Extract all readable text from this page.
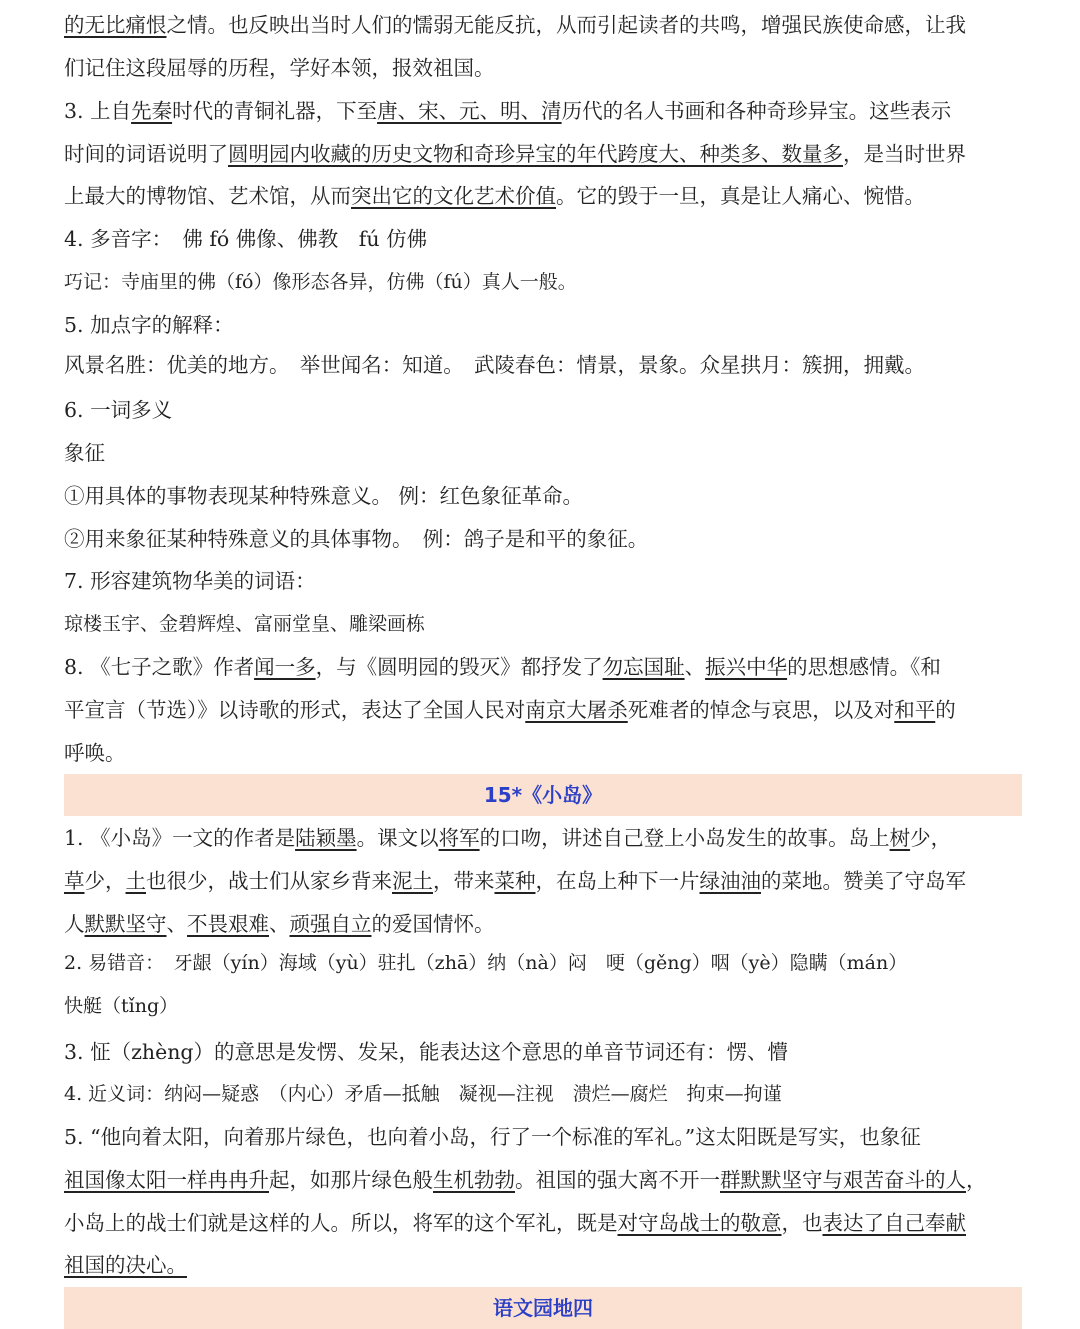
的无比痛恨之情。也反映出当时人们的懦弱无能反抗，从而引起读者的共鸣，增强民族使命感，让我
们记住这段屈辱的历程，学好本领，报效祖国。
3. 上自先秦时代的青铜礼器，下至唐、宋、元、明、清历代的名人书画和各种奇珍异宝。这些表示
时间的词语说明了圆明园内收藏的历史文物和奇珍异宝的年代跨度大、种类多、数量多，是当时世界
上最大的博物馆、艺术馆，从而突出它的文化艺术价值。它的毁于一旦，真是让人痛心、惋惜。
4. 多音字：　佛 fó 佛像、佛教　fú 仿佛
巧记：寺庙里的佛（fó）像形态各异，仿佛（fú）真人一般。
5. 加点字的解释：
风景名胜：优美的地方。　举世闻名：知道。　武陵春色：情景，景象。众星拱月：簇拥，拥戴。
6. 一词多义
象征
①用具体的事物表现某种特殊意义。 例：红色象征革命。
②用来象征某种特殊意义的具体事物。　例：鸽子是和平的象征。
7. 形容建筑物华美的词语：
琼楼玉宇、金碧辉煌、富丽堂皇、雕梁画栋
8. 《七子之歌》作者闻一多，与《圆明园的毁灭》都抒发了勿忘国耻、振兴中华的思想感情。《和
平宣言（节选）》以诗歌的形式，表达了全国人民对南京大屠杀死难者的悼念与哀思，以及对和平的
呼唤。
15*《小岛》
1. 《小岛》一文的作者是陆颖墨。课文以将军的口吻，讲述自己登上小岛发生的故事。岛上树少，
草少，土也很少，战士们从家乡背来泥土，带来菜种，在岛上种下一片绿油油的菜地。赞美了守岛军
人默默坚守、不畏艰难、顽强自立的爱国情怀。
2. 易错音：　牙龈（yín）海域（yù）驻扎（zhā）纳（nà）闷　哽（gěng）咽（yè）隐瞒（mán）
快艇（tǐng）
3. 怔（zhèng）的意思是发愣、发呆，能表达这个意思的单音节词还有：愣、懵
4. 近义词：纳闷—疑惑　（内心）矛盾—抵触　凝视—注视　溃烂—腐烂　拘束—拘谨
5. “他向着太阳，向着那片绿色，也向着小岛，行了一个标准的军礼。”这太阳既是写实，也象征
祖国像太阳一样冉冉升起，如那片绿色般生机勃勃。祖国的强大离不开一群默默坚守与艰苦奋斗的人，
小岛上的战士们就是这样的人。所以，将军的这个军礼，既是对守岛战士的敬意，也表达了自己奉献
祖国的决心。
语文园地四
